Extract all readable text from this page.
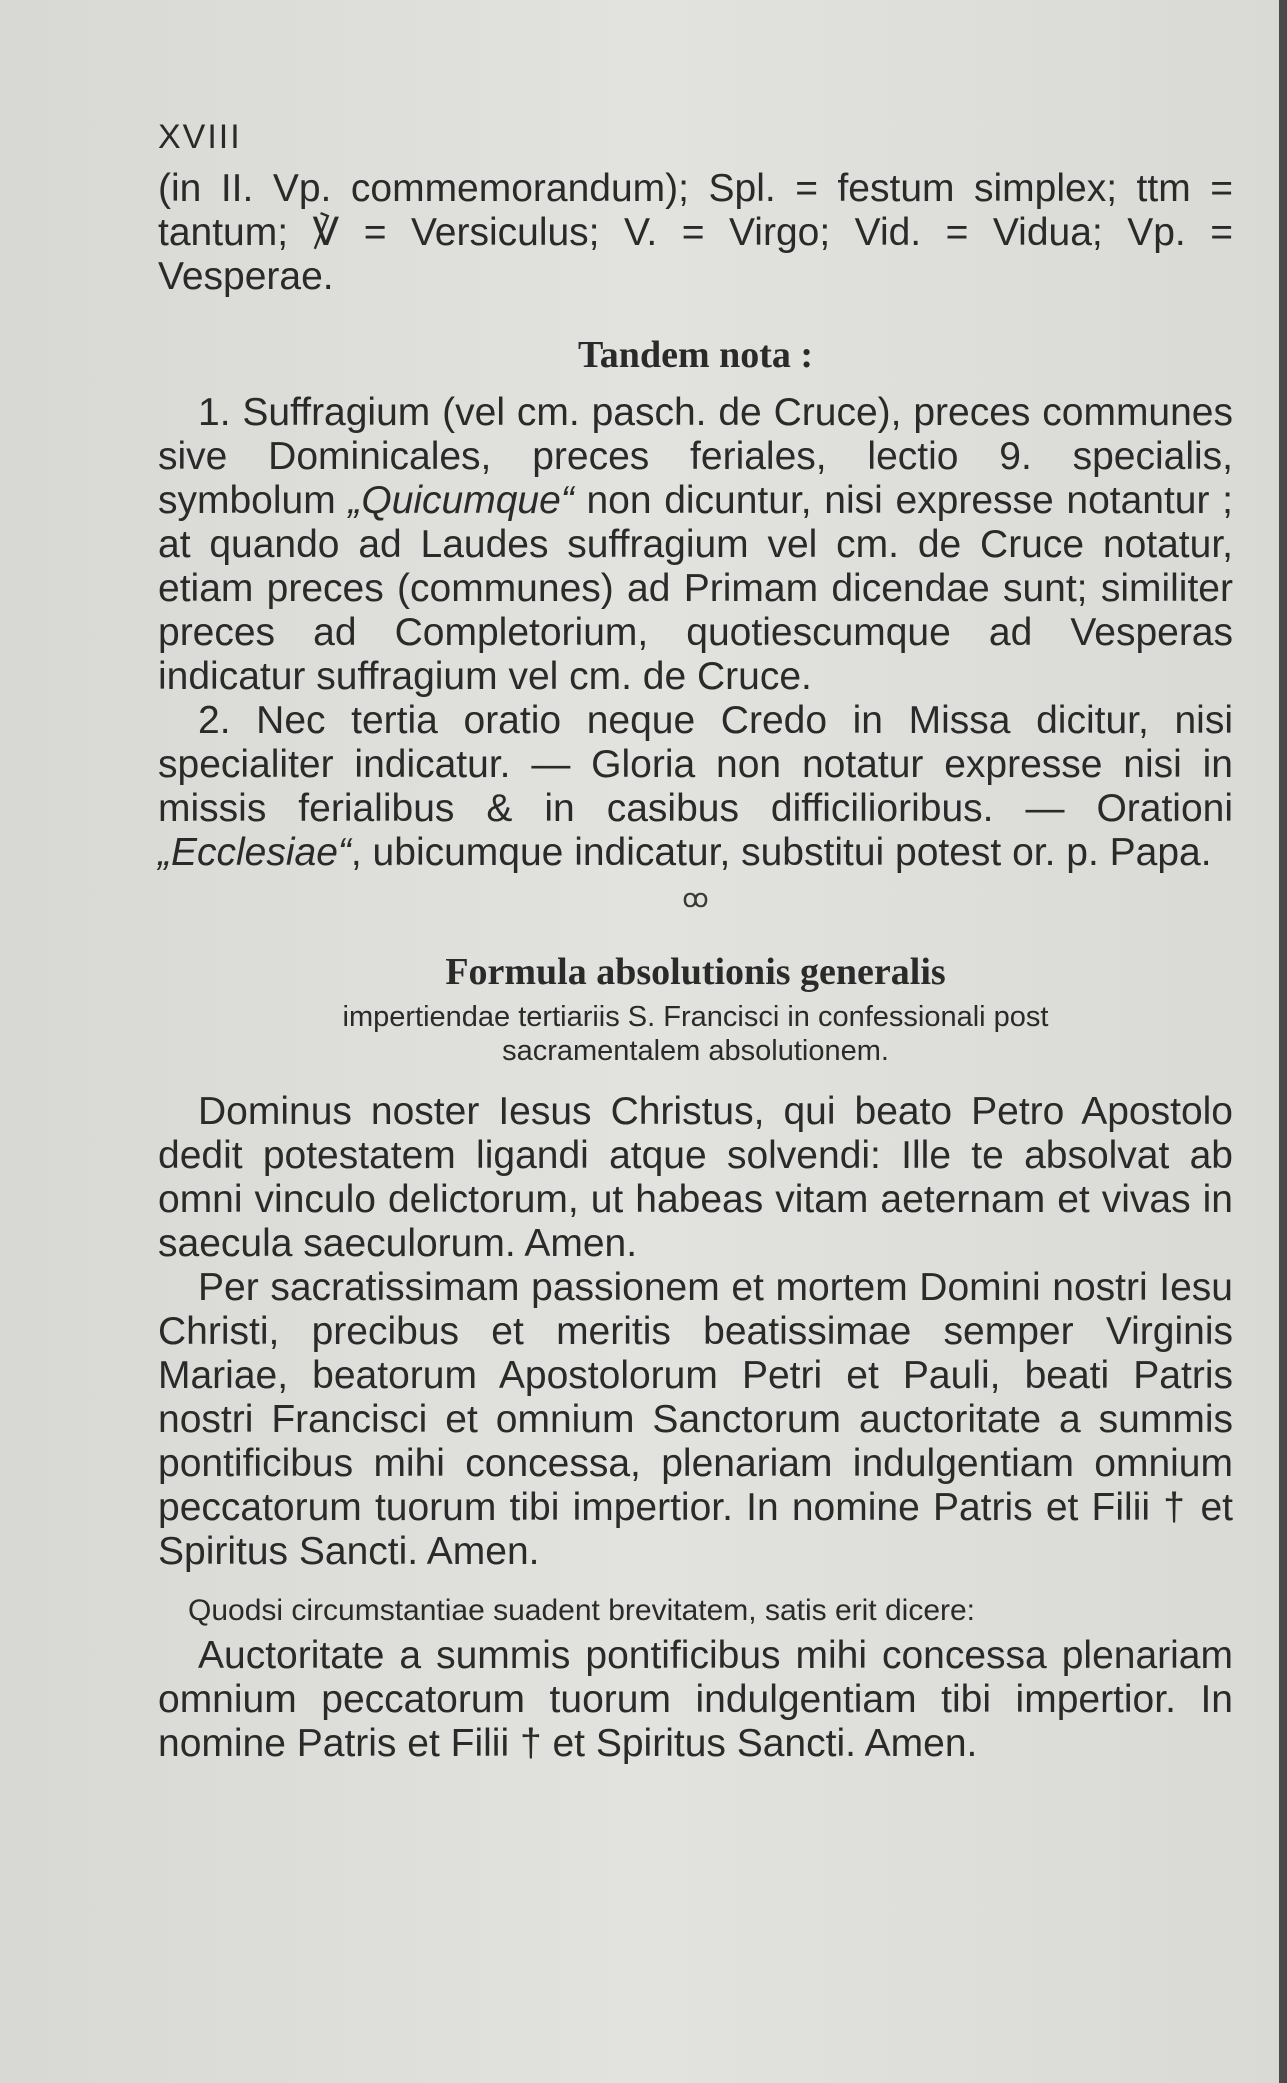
XVIII

(in II. Vp. commemorandum); Spl. = festum simplex; ttm = tantum; ℣ = Versiculus; V. = Virgo; Vid. = Vidua; Vp. = Vesperae.

Tandem nota :

1. Suffragium (vel cm. pasch. de Cruce), preces communes sive Dominicales, preces feriales, lectio 9. specialis, symbolum „Quicumque“ non dicuntur, nisi expresse notantur ; at quando ad Laudes suffragium vel cm. de Cruce notatur, etiam preces (communes) ad Primam dicendae sunt; similiter preces ad Completorium, quotiescumque ad Vesperas indicatur suffragium vel cm. de Cruce.

2. Nec tertia oratio neque Credo in Missa dicitur, nisi specialiter indicatur. — Gloria non notatur expresse nisi in missis ferialibus & in casibus difficilioribus. — Orationi „Ecclesiae“, ubicumque indicatur, substitui potest or. p. Papa.

ꝏ
Formula absolutionis generalis
impertiendae tertiariis S. Francisci in confessionali post
sacramentalem absolutionem.

Dominus noster Iesus Christus, qui beato Petro Apostolo dedit potestatem ligandi atque solvendi: Ille te absolvat ab omni vinculo delictorum, ut habeas vitam aeternam et vivas in saecula saeculorum. Amen.

Per sacratissimam passionem et mortem Domini nostri Iesu Christi, precibus et meritis beatissimae semper Virginis Mariae, beatorum Apostolorum Petri et Pauli, beati Patris nostri Francisci et omnium Sanctorum auctoritate a summis pontificibus mihi concessa, plenariam indulgentiam omnium peccatorum tuorum tibi impertior. In nomine Patris et Filii † et Spiritus Sancti. Amen.

Quodsi circumstantiae suadent brevitatem, satis erit dicere:

Auctoritate a summis pontificibus mihi concessa plenariam omnium peccatorum tuorum indulgentiam tibi impertior. In nomine Patris et Filii † et Spiritus Sancti. Amen.
